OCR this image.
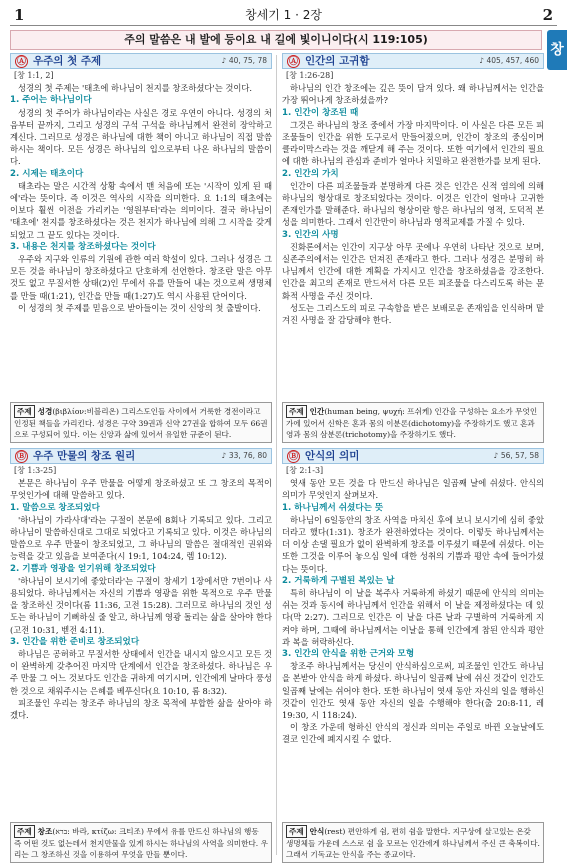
1	창세기 1 · 2장	2
주의 말씀은 내 발에 등이요 내 길에 빛이니이다(시 119:105)
창
Ⓐ 우주의 첫 주제	♪ 40, 75, 78
[창 1:1, 2]

성경의 첫 주제는 '태초에 하나님이 천지를 창조하셨다'는 것이다.

1. 주어는 하나님이다

성경의 첫 주어가 하나님이라는 사실은 경로 우연이 아니다. 성경의 처음부터 끝까지, 그리고 성경의 구석 구석을 하나님께서 완전히 장악하고 계신다. 그러므로 성경은 하나님에 대한 책이 아니고 하나님이 직접 말씀하시는 책이다. 모든 성경은 하나님의 입으로부터 나온 하나님의 말씀이다.

2. 시제는 태초이다

태초라는 말은 시간적 상황 속에서 맨 처음에 또는 '시작이 있게 된 때에'라는 뜻이다. 즉 이것은 역사의 시작을 의미한다. 요 1:1의 태초에는 이보다 훨씬 이전을 가리키는 '영원부터'라는 의미이다. 결국 하나님이 '태초에' 천지를 창조하셨다는 것은 천지가 하나님에 의해 그 시작을 갖게 되었고 그 끝도 있다는 것이다.

3. 내용은 천지를 창조하셨다는 것이다

우주와 지구와 인류의 기원에 관한 여러 학설이 있다. 그러나 성경은 그 모든 것을 하나님이 창조하셨다고 단호하게 선언한다. 창조란 말은 아무것도 없고 무질서한 상태(2)인 무에서 유를 만들어 내는 것으로써 생명체를 만들 때(1:21), 인간을 만들 때(1:27)도 역시 사용된 단어이다.

이 성경의 첫 주제를 믿음으로 받아들이는 것이 신앙의 첫 출발이다.

Ⓐ 인간의 고귀함	♪ 405, 457, 460
[창 1:26-28]

하나님의 인간 창조에는 깊은 뜻이 담겨 있다. 왜 하나님께서는 인간을 가장 뛰어나게 창조하셨을까?

1. 인간이 창조된 때

그것은 하나님의 창조 중에서 가장 마지막이다. 이 사실은 다른 모든 피조물들이 인간을 위한 도구로서 만들어졌으며, 인간이 창조의 중심이며 클라이막스라는 것을 깨닫게 해 주는 것이다. 또한 여기에서 인간의 필요에 대한 하나님의 관심과 준비가 얼마나 치밀하고 완전한가를 보게 된다.

2. 인간의 가치

인간이 다른 피조물들과 분명하게 다른 것은 인간은 신적 염의에 의해 하나님의 형상대로 창조되었다는 것이다. 이것은 인간이 얼마나 고귀한 존재인가를 말해준다. 하나님의 형상이란 항은 하나님의 영적, 도덕적 본성을 의미한다. 그래서 인간만이 하나님과 영적교제를 가질 수 있다.

3. 인간의 사명

진화론에서는 인간이 지구상 아무 곳에나 우연히 나타난 것으로 보며, 실존주의에서는 인간은 던져진 존재라고 한다. 그러나 성경은 분명히 하나님께서 인간에 대한 계획을 가지시고 인간을 창조하셨음을 강조한다. 인간을 최고의 존재로 만드셔서 다른 모든 피조물을 다스리도록 하는 문화적 사명을 주신 것이다.

성도는 그리스도의 피로 구속함을 받은 보배로운 존재임을 인식하며 맡겨진 사명을 잘 감당해야 한다.

주제 성경(βιβλίον:비블리온) 그리스도인들 사이에서 거룩한 경전이라고 인정된 책들을 가리킨다. 성경은 구약 39권과 신약 27권을 합하여 모두 66권으로 구성되어 있다. 이는 신앙과 삶에 있어서 유일한 규준이 된다.
주제 인간(human being, ψυχή: 프쉬케) 인간을 구성하는 요소가 무엇인가에 있어서 신학은 혼과 몸의 이분론(dichotomy)을 주장하기도 했고 혼과 영과 몸의 삼분론(trichotomy)을 주장하기도 했다.
Ⓑ 우주 만물의 창조 원리	♪ 33, 76, 80
[창 1:3-25]

본문은 하나님이 우주 만물을 어떻게 창조하셨고 또 그 창조의 목적이 무엇인가에 대해 말씀하고 있다.

1. 말씀으로 창조되었다

'하나님이 가라사대'라는 구절이 본문에 8회나 기록되고 있다. 그리고 하나님이 말씀하신대로 그대로 되었다고 기록되고 있다. 이것은 하나님의 말씀으로 우주 만물이 창조되었고, 그 하나님의 말씀은 절대적인 권위와 능력을 갖고 있음을 보여준다(시 19:1, 104:24, 렘 10:12).

2. 기쁨과 영광을 얻기위해 창조되었다

'하나님이 보시기에 좋았더라'는 구절이 창세기 1장에서만 7번이나 사용되었다. 하나님께서는 자신의 기쁨과 영광을 위한 목적으로 우주 만물을 창조하신 것이다(롬 11:36, 고전 15:28). 그러므로 하나님의 것인 성도는 하나님이 기뻐하실 줄 알고, 하나님께 영광 돌리는 삶을 살아야 한다(고전 10:31, 벧전 4:11).

3. 인간을 위한 준비로 창조되었다

하나님은 공허하고 무질서한 상태에서 인간을 내시지 않으시고 모든 것이 완벽하게 갖추어진 마지막 단계에서 인간을 창조하셨다. 하나님은 우주 만물 그 어느 것보다도 인간을 귀하게 여기시며, 인간에게 날마다 풍성한 것으로 채워주시는 은혜를 베푸신다(요 10:10, 롬 8:32).

피조물인 우리는 창조주 하나님의 창조 목적에 부합한 삶을 살아야 하겠다.

Ⓑ 안식의 의미	♪ 56, 57, 58
[창 2:1-3]

엿새 동안 모든 것을 다 만드신 하나님은 일곱째 날에 쉬셨다. 안식의 의미가 무엇인지 살펴보자.

1. 하나님께서 쉬셨다는 뜻

하나님이 6일동안의 창조 사역을 마치신 후에 보니 보시기에 심히 좋았더라고 했다(1:31). 창조가 완전하였다는 것이다. 이렇듯 하나님께서는 더 이상 손댈 필요가 없이 완벽하게 창조를 이루셨기 때문에 쉬셨다. 이는 또한 그것을 이루어 놓으심 일에 대한 성취의 기쁨과 평안 속에 들어가셨다는 뜻이다.

2. 거룩하게 구별된 복있는 날

특히 하나님이 이 날을 복주사 거룩하게 하셨기 때문에 안식의 의미는 쉬는 것과 동시에 하나님께서 인간을 위해서 이 날을 제정하셨다는 데 있다(막 2:27). 그러므로 인간은 이 날을 다른 날과 구별하여 거룩하게 지켜야 하며, 그때에 하나님께서는 이날을 통해 인간에게 참된 안식과 평안과 복을 허락하신다.

3. 인간의 안식을 위한 근거와 모형

창조주 하나님께서는 당신이 안식하심으로써, 피조물인 인간도 하나님을 본받아 안식을 하게 하셨다. 하나님이 일곱째 날에 쉬신 것같이 인간도 일곱째 날에는 쉬어야 한다. 또한 하나님이 엿새 동안 자신의 일을 행하신 것같이 인간도 엿새 동안 자신의 일을 수행해야 한다(출 20:8-11, 레 19:30, 시 118:24).

이 창조 가운데 형하신 안식의 정신과 의미는 주일로 바뀐 오늘날에도 결코 인간에 폐지시킬 수 없다.

주제 창조(ברא: 바라, κτίζω: 크티조) 무에서 유를 만드신 하나님의 행동 즉 어떤 것도 없는데서 천지만물을 있게 하시는 하나님의 사역을 의미한다. 우리는 그 창조하신 것을 이용하여 무엇을 만들 뿐이다.
주제 안식(rest) 편안하게 쉼, 편히 쉼을 말한다. 지구상에 살고있는 온갖 생명체들 가운데 스스로 쉼 을 모르는 인간에게 하나님께서 주신 큰 축복이다. 그래서 기독교는 안식을 주는 종교이다.
